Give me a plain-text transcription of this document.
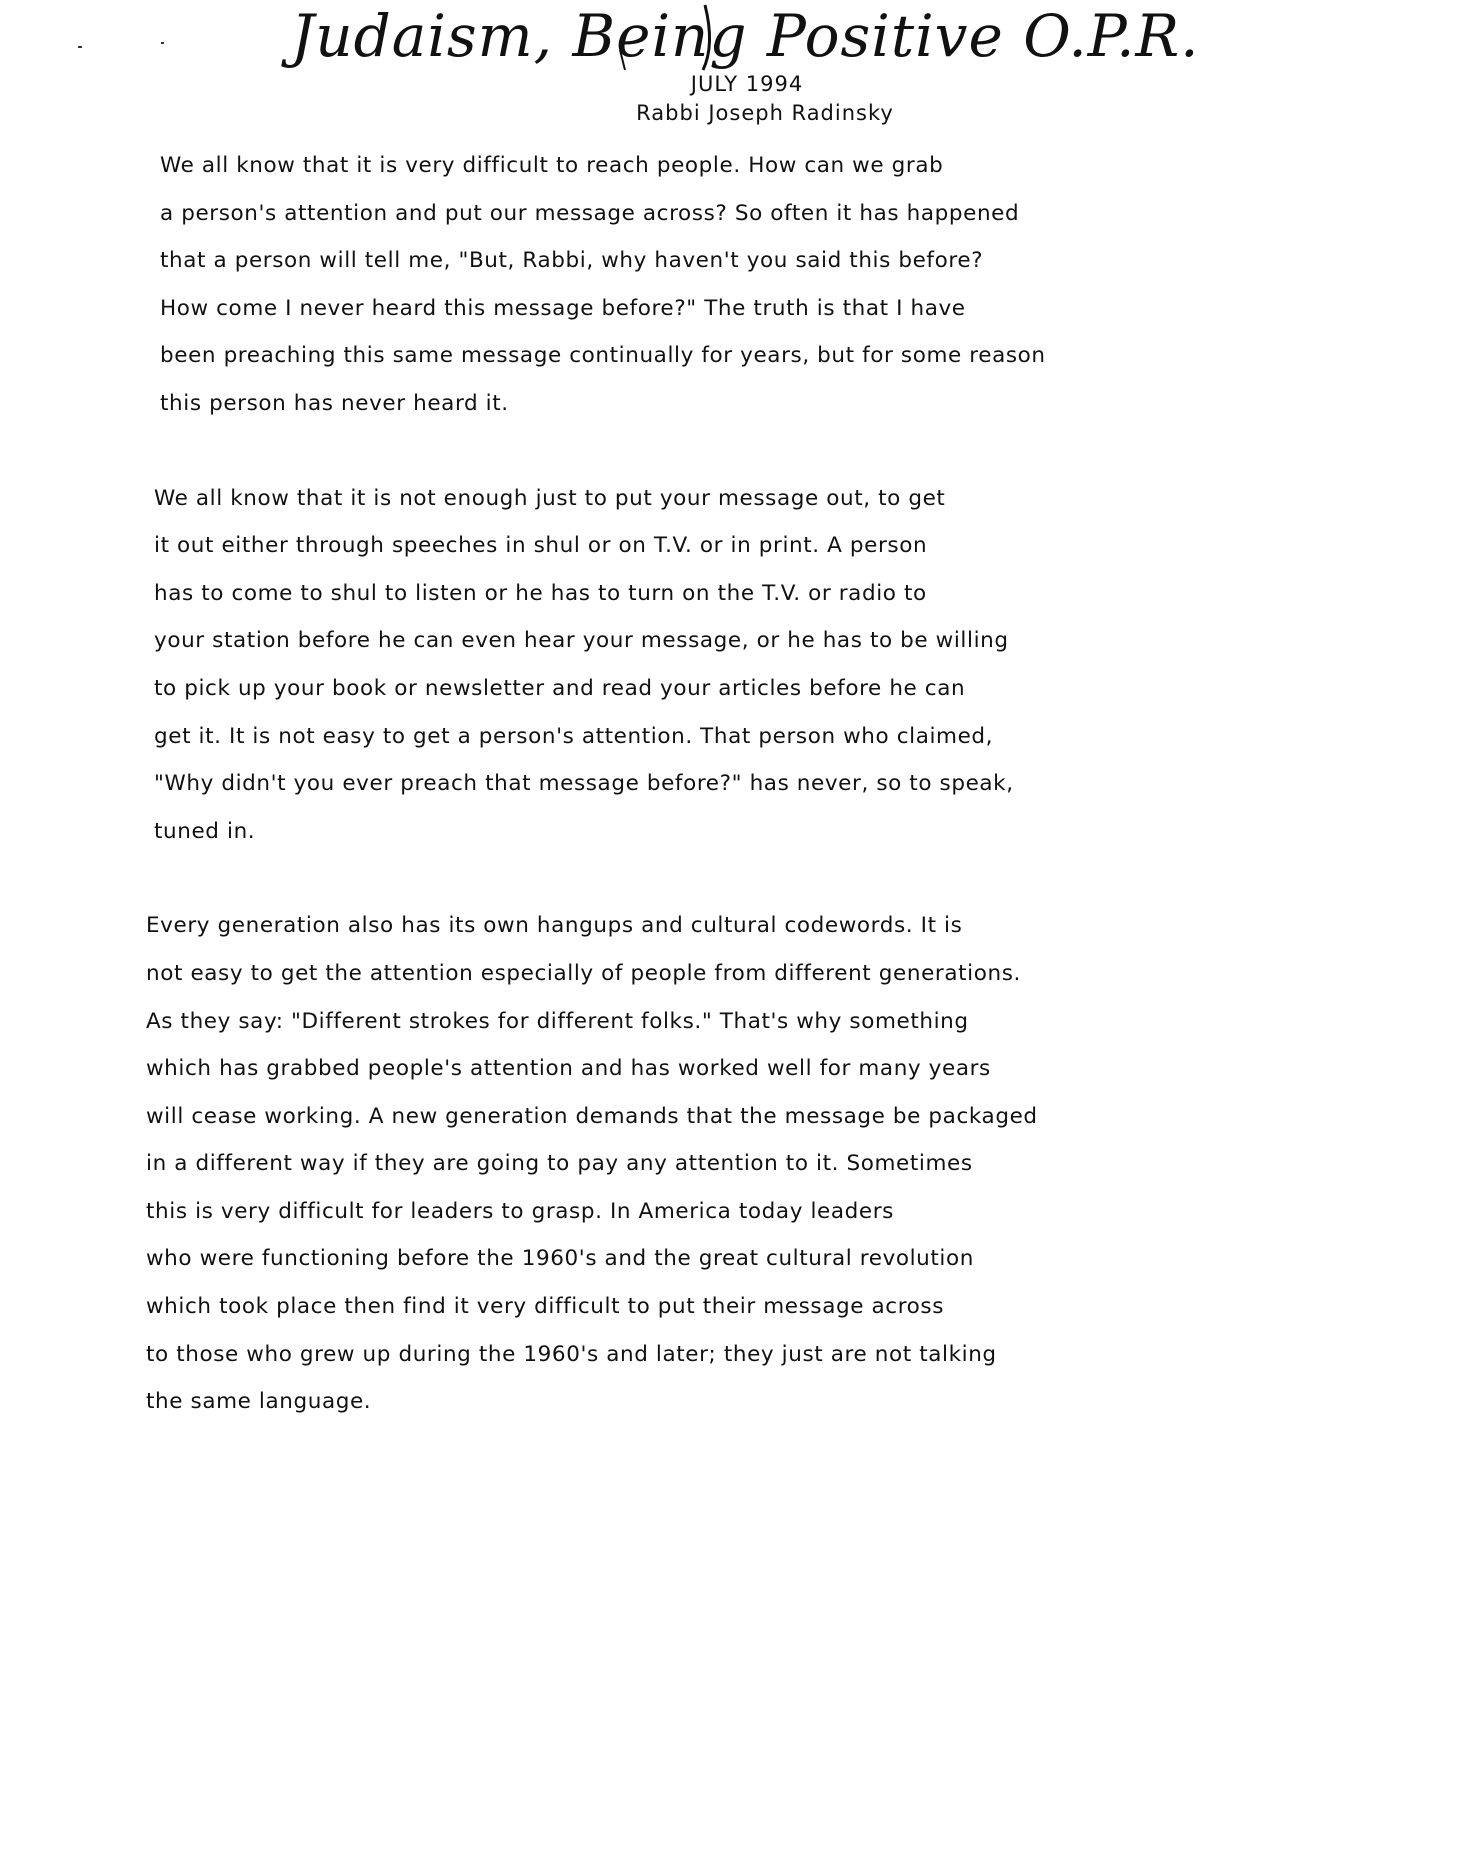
Judaism, Being Positive O.P.R.
JULY 1994
Rabbi Joseph Radinsky

We all know that it is very difficult to reach people. How can we grab

a person's attention and put our message across? So often it has happened

that a person will tell me, "But, Rabbi, why haven't you said this before?

How come I never heard this message before?" The truth is that I have

been preaching this same message continually for years, but for some reason

this person has never heard it.

We all know that it is not enough just to put your message out, to get

it out either through speeches in shul or on T.V. or in print. A person

has to come to shul to listen or he has to turn on the T.V. or radio to

your station before he can even hear your message, or he has to be willing

to pick up your book or newsletter and read your articles before he can

get it. It is not easy to get a person's attention. That person who claimed,

"Why didn't you ever preach that message before?" has never, so to speak,

tuned in.

Every generation also has its own hangups and cultural codewords. It is

not easy to get the attention especially of people from different generations.

As they say: "Different strokes for different folks." That's why something

which has grabbed people's attention and has worked well for many years

will cease working. A new generation demands that the message be packaged

in a different way if they are going to pay any attention to it. Sometimes

this is very difficult for leaders to grasp. In America today leaders

who were functioning before the 1960's and the great cultural revolution

which took place then find it very difficult to put their message across

to those who grew up during the 1960's and later; they just are not talking

the same language.
